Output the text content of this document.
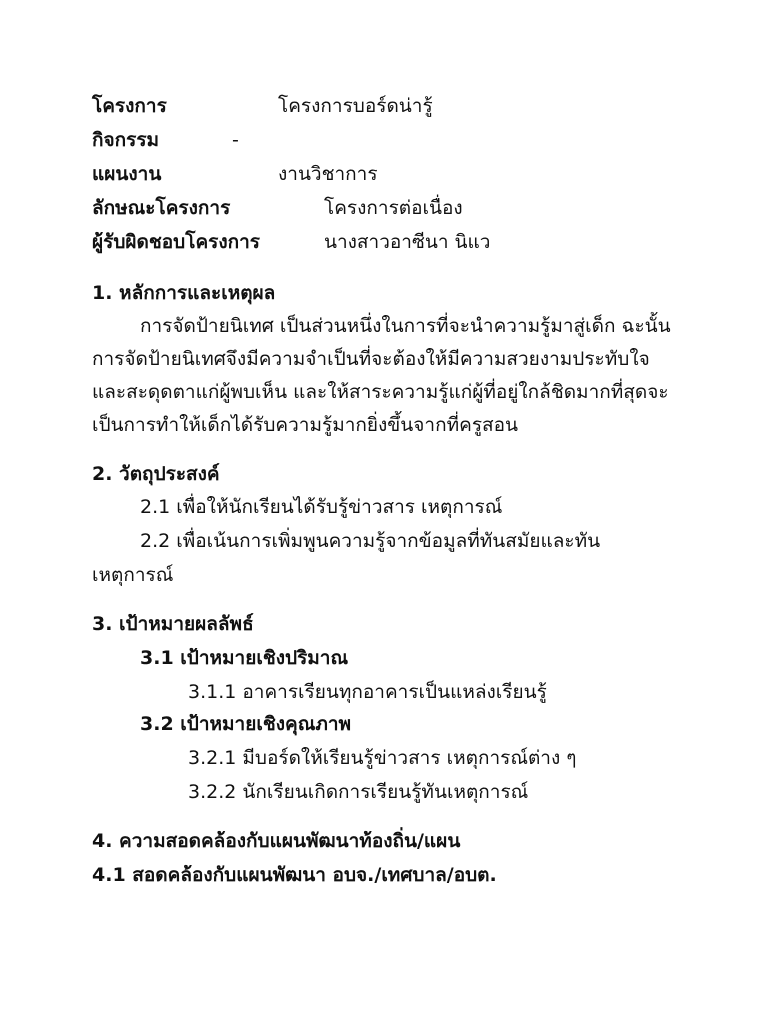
โครงการ	โครงการบอร์ดน่ารู้
กิจกรรม	-
แผนงาน	งานวิชาการ
ลักษณะโครงการ	โครงการต่อเนื่อง
ผู้รับผิดชอบโครงการ	นางสาวอาซีนา นิแว
1. หลักการและเหตุผล
การจัดป้ายนิเทศ เป็นส่วนหนึ่งในการที่จะนำความรู้มาสู่เด็ก ฉะนั้น
การจัดป้ายนิเทศจึงมีความจำเป็นที่จะต้องให้มีความสวยงามประทับใจ
และสะดุดตาแก่ผู้พบเห็น และให้สาระความรู้แก่ผู้ที่อยู่ใกล้ชิดมากที่สุดจะ
เป็นการทำให้เด็กได้รับความรู้มากยิ่งขึ้นจากที่ครูสอน
2. วัตถุประสงค์
2.1 เพื่อให้นักเรียนได้รับรู้ข่าวสาร เหตุการณ์
2.2 เพื่อเน้นการเพิ่มพูนความรู้จากข้อมูลที่ทันสมัยและทัน
เหตุการณ์
3. เป้าหมายผลลัพธ์
3.1 เป้าหมายเชิงปริมาณ
3.1.1 อาคารเรียนทุกอาคารเป็นแหล่งเรียนรู้
3.2 เป้าหมายเชิงคุณภาพ
3.2.1 มีบอร์ดให้เรียนรู้ข่าวสาร เหตุการณ์ต่าง ๆ
3.2.2 นักเรียนเกิดการเรียนรู้ทันเหตุการณ์
4. ความสอดคล้องกับแผนพัฒนาท้องถิ่น/แผน
4.1 สอดคล้องกับแผนพัฒนา อบจ./เทศบาล/อบต.
